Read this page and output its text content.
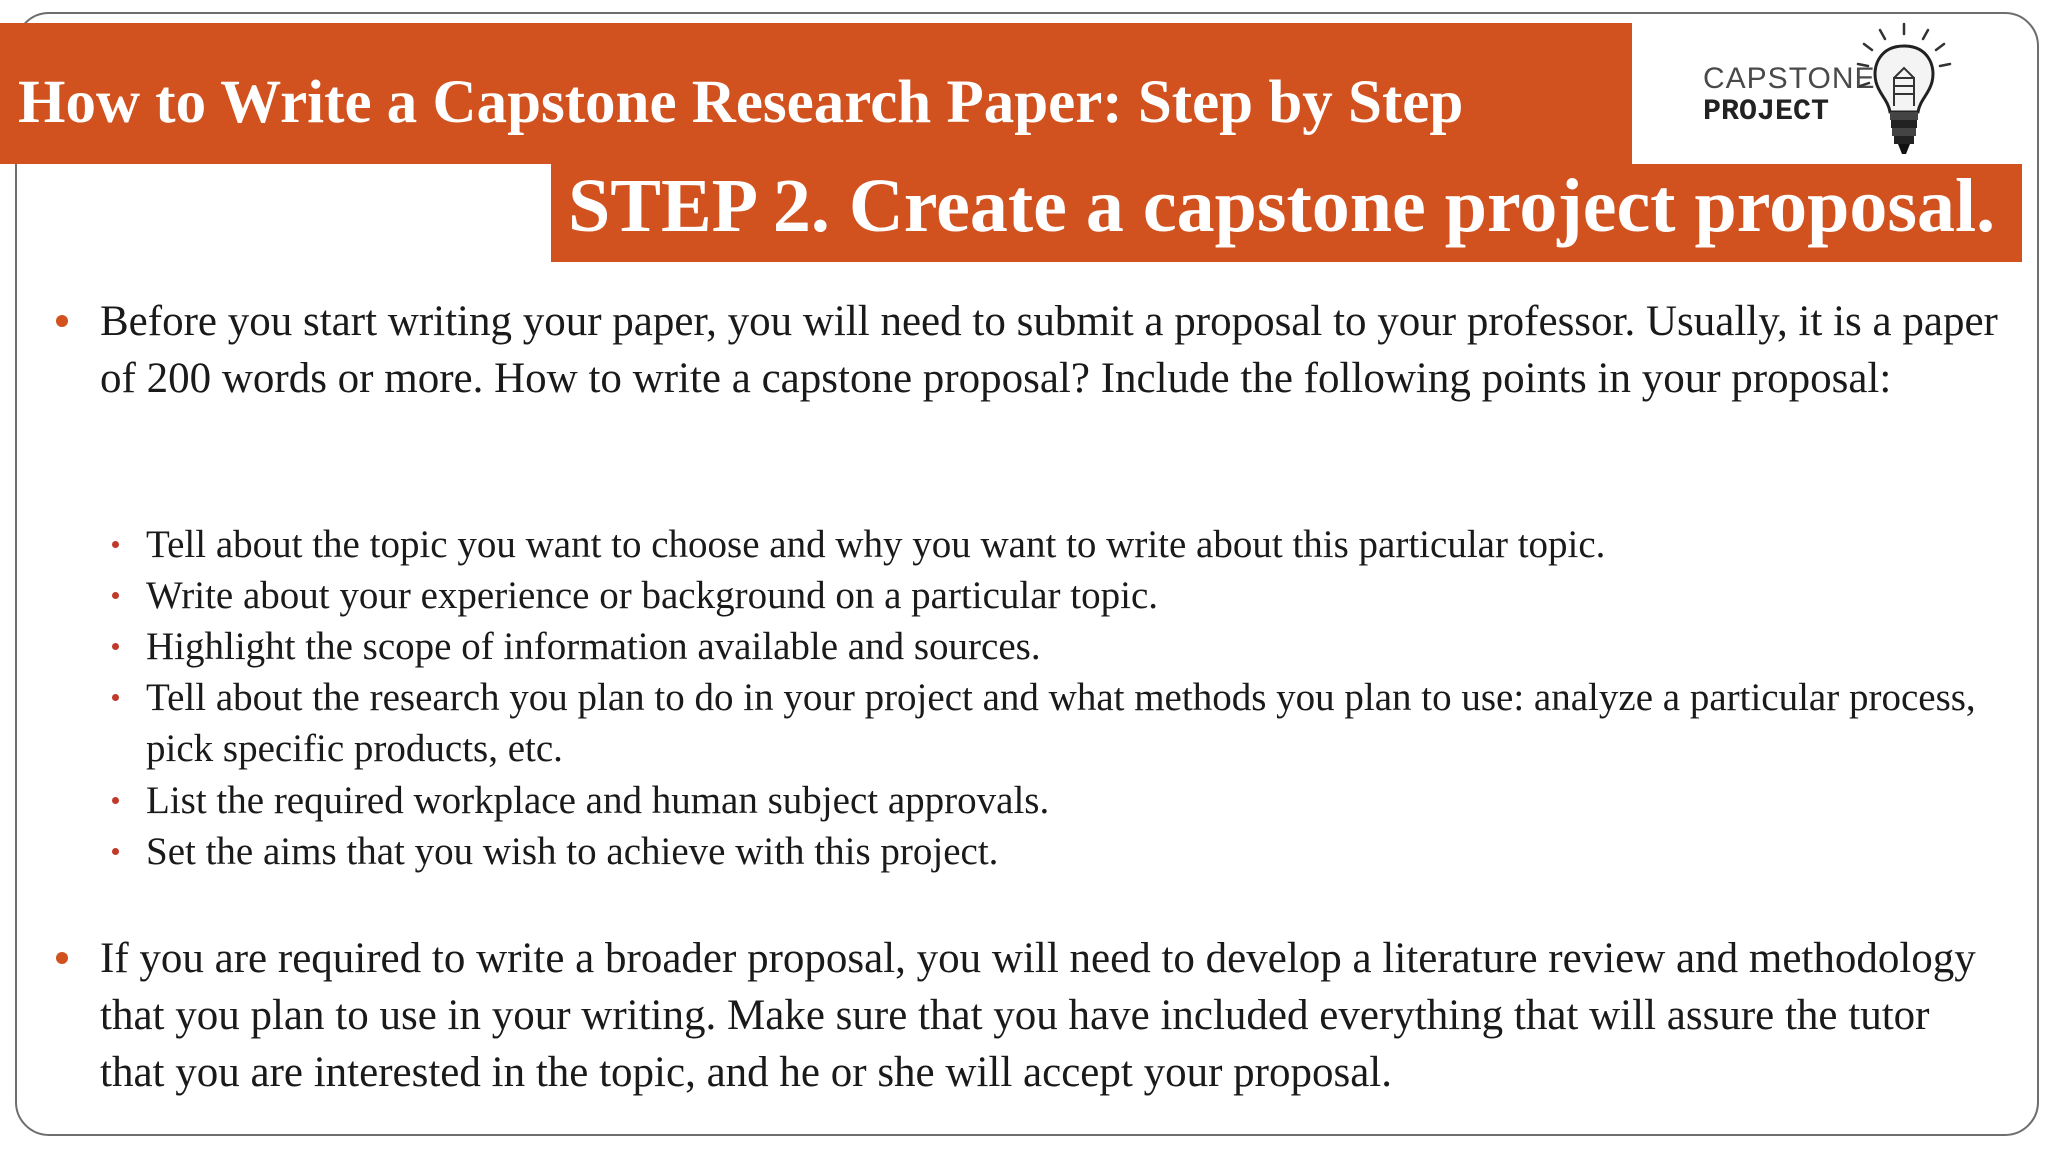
How to Write a Capstone Research Paper: Step by Step
STEP 2. Create a capstone project proposal.
CAPSTONE
PROJECT

Before you start writing your paper, you will need to submit a proposal to your professor. Usually, it is a paper of 200 words or more. How to write a capstone proposal? Include the following points in your proposal:

Tell about the topic you want to choose and why you want to write about this particular topic.

Write about your experience or background on a particular topic.

Highlight the scope of information available and sources.

Tell about the research you plan to do in your project and what methods you plan to use: analyze a particular process, pick specific products, etc.

List the required workplace and human subject approvals.

Set the aims that you wish to achieve with this project.

If you are required to write a broader proposal, you will need to develop a literature review and methodology that you plan to use in your writing. Make sure that you have included everything that will assure the tutor that you are interested in the topic, and he or she will accept your proposal.
